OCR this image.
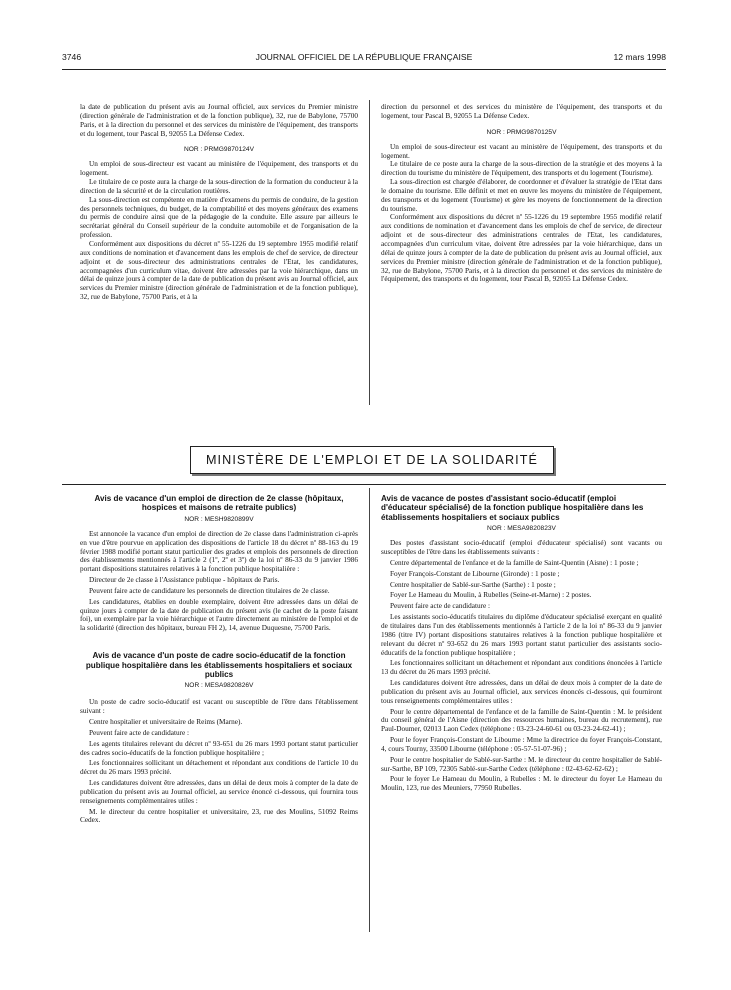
3746	JOURNAL OFFICIEL DE LA RÉPUBLIQUE FRANÇAISE	12 mars 1998

la date de publication du présent avis au Journal officiel, aux services du Premier ministre (direction générale de l'administration et de la fonction publique), 32, rue de Babylone, 75700 Paris, et à la direction du personnel et des services du ministère de l'équipement, des transports et du logement, tour Pascal B, 92055 La Défense Cedex.

NOR : PRMG9870124V

Un emploi de sous-directeur est vacant au ministère de l'équipement, des transports et du logement.

Le titulaire de ce poste aura la charge de la sous-direction de la formation du conducteur à la direction de la sécurité et de la circulation routières.

La sous-direction est compétente en matière d'examens du permis de conduire, de la gestion des personnels techniques, du budget, de la comptabilité et des moyens généraux des examens du permis de conduire ainsi que de la pédagogie de la conduite. Elle assure par ailleurs le secrétariat général du Conseil supérieur de la conduite automobile et de l'organisation de la profession.

Conformément aux dispositions du décret nº 55-1226 du 19 septembre 1955 modifié relatif aux conditions de nomination et d'avancement dans les emplois de chef de service, de directeur adjoint et de sous-directeur des administrations centrales de l'Etat, les candidatures, accompagnées d'un curriculum vitae, doivent être adressées par la voie hiérarchique, dans un délai de quinze jours à compter de la date de publication du présent avis au Journal officiel, aux services du Premier ministre (direction générale de l'administration et de la fonction publique), 32, rue de Babylone, 75700 Paris, et à la

direction du personnel et des services du ministère de l'équipement, des transports et du logement, tour Pascal B, 92055 La Défense Cedex.

NOR : PRMG9870125V

Un emploi de sous-directeur est vacant au ministère de l'équipement, des transports et du logement.

Le titulaire de ce poste aura la charge de la sous-direction de la stratégie et des moyens à la direction du tourisme du ministère de l'équipement, des transports et du logement (Tourisme).

La sous-direction est chargée d'élaborer, de coordonner et d'évaluer la stratégie de l'Etat dans le domaine du tourisme. Elle définit et met en œuvre les moyens du ministère de l'équipement, des transports et du logement (Tourisme) et gère les moyens de fonctionnement de la direction du tourisme.

Conformément aux dispositions du décret nº 55-1226 du 19 septembre 1955 modifié relatif aux conditions de nomination et d'avancement dans les emplois de chef de service, de directeur adjoint et de sous-directeur des administrations centrales de l'Etat, les candidatures, accompagnées d'un curriculum vitae, doivent être adressées par la voie hiérarchique, dans un délai de quinze jours à compter de la date de publication du présent avis au Journal officiel, aux services du Premier ministre (direction générale de l'administration et de la fonction publique), 32, rue de Babylone, 75700 Paris, et à la direction du personnel et des services du ministère de l'équipement, des transports et du logement, tour Pascal B, 92055 La Défense Cedex.

MINISTÈRE DE L'EMPLOI ET DE LA SOLIDARITÉ
Avis de vacance d'un emploi de direction de 2e classe (hôpitaux, hospices et maisons de retraite publics)
NOR : MESH9820899V

Est annoncée la vacance d'un emploi de direction de 2e classe dans l'administration ci-après en vue d'être pourvue en application des dispositions de l'article 18 du décret nº 88-163 du 19 février 1988 modifié portant statut particulier des grades et emplois des personnels de direction des établissements mentionnés à l'article 2 (1º, 2º et 3º) de la loi nº 86-33 du 9 janvier 1986 portant dispositions statutaires relatives à la fonction publique hospitalière :

Directeur de 2e classe à l'Assistance publique - hôpitaux de Paris.

Peuvent faire acte de candidature les personnels de direction titulaires de 2e classe.

Les candidatures, établies en double exemplaire, doivent être adressées dans un délai de quinze jours à compter de la date de publication du présent avis (le cachet de la poste faisant foi), un exemplaire par la voie hiérarchique et l'autre directement au ministère de l'emploi et de la solidarité (direction des hôpitaux, bureau FH 2), 14, avenue Duquesne, 75700 Paris.

Avis de vacance d'un poste de cadre socio-éducatif de la fonction publique hospitalière dans les établissements hospitaliers et sociaux publics
NOR : MESA9820826V

Un poste de cadre socio-éducatif est vacant ou susceptible de l'être dans l'établissement suivant :

Centre hospitalier et universitaire de Reims (Marne).

Peuvent faire acte de candidature :

Les agents titulaires relevant du décret nº 93-651 du 26 mars 1993 portant statut particulier des cadres socio-éducatifs de la fonction publique hospitalière ;

Les fonctionnaires sollicitant un détachement et répondant aux conditions de l'article 10 du décret du 26 mars 1993 précité.

Les candidatures doivent être adressées, dans un délai de deux mois à compter de la date de publication du présent avis au Journal officiel, au service énoncé ci-dessous, qui fournira tous renseignements complémentaires utiles :

M. le directeur du centre hospitalier et universitaire, 23, rue des Moulins, 51092 Reims Cedex.

Avis de vacance de postes d'assistant socio-éducatif (emploi d'éducateur spécialisé) de la fonction publique hospitalière dans les établissements hospitaliers et sociaux publics
NOR : MESA9820823V

Des postes d'assistant socio-éducatif (emploi d'éducateur spécialisé) sont vacants ou susceptibles de l'être dans les établissements suivants :

Centre départemental de l'enfance et de la famille de Saint-Quentin (Aisne) : 1 poste ;

Foyer François-Constant de Libourne (Gironde) : 1 poste ;

Centre hospitalier de Sablé-sur-Sarthe (Sarthe) : 1 poste ;

Foyer Le Hameau du Moulin, à Rubelles (Seine-et-Marne) : 2 postes.

Peuvent faire acte de candidature :

Les assistants socio-éducatifs titulaires du diplôme d'éducateur spécialisé exerçant en qualité de titulaires dans l'un des établissements mentionnés à l'article 2 de la loi nº 86-33 du 9 janvier 1986 (titre IV) portant dispositions statutaires relatives à la fonction publique hospitalière et relevant du décret nº 93-652 du 26 mars 1993 portant statut particulier des assistants socio-éducatifs de la fonction publique hospitalière ;

Les fonctionnaires sollicitant un détachement et répondant aux conditions énoncées à l'article 13 du décret du 26 mars 1993 précité.

Les candidatures doivent être adressées, dans un délai de deux mois à compter de la date de publication du présent avis au Journal officiel, aux services énoncés ci-dessous, qui fourniront tous renseignements complémentaires utiles :

Pour le centre départemental de l'enfance et de la famille de Saint-Quentin : M. le président du conseil général de l'Aisne (direction des ressources humaines, bureau du recrutement), rue Paul-Doumer, 02013 Laon Cedex (téléphone : 03-23-24-60-61 ou 03-23-24-62-41) ;

Pour le foyer François-Constant de Libourne : Mme la directrice du foyer François-Constant, 4, cours Tourny, 33500 Libourne (téléphone : 05-57-51-07-96) ;

Pour le centre hospitalier de Sablé-sur-Sarthe : M. le directeur du centre hospitalier de Sablé-sur-Sarthe, BP 109, 72305 Sablé-sur-Sarthe Cedex (téléphone : 02-43-62-62-62) ;

Pour le foyer Le Hameau du Moulin, à Rubelles : M. le directeur du foyer Le Hameau du Moulin, 123, rue des Meuniers, 77950 Rubelles.
